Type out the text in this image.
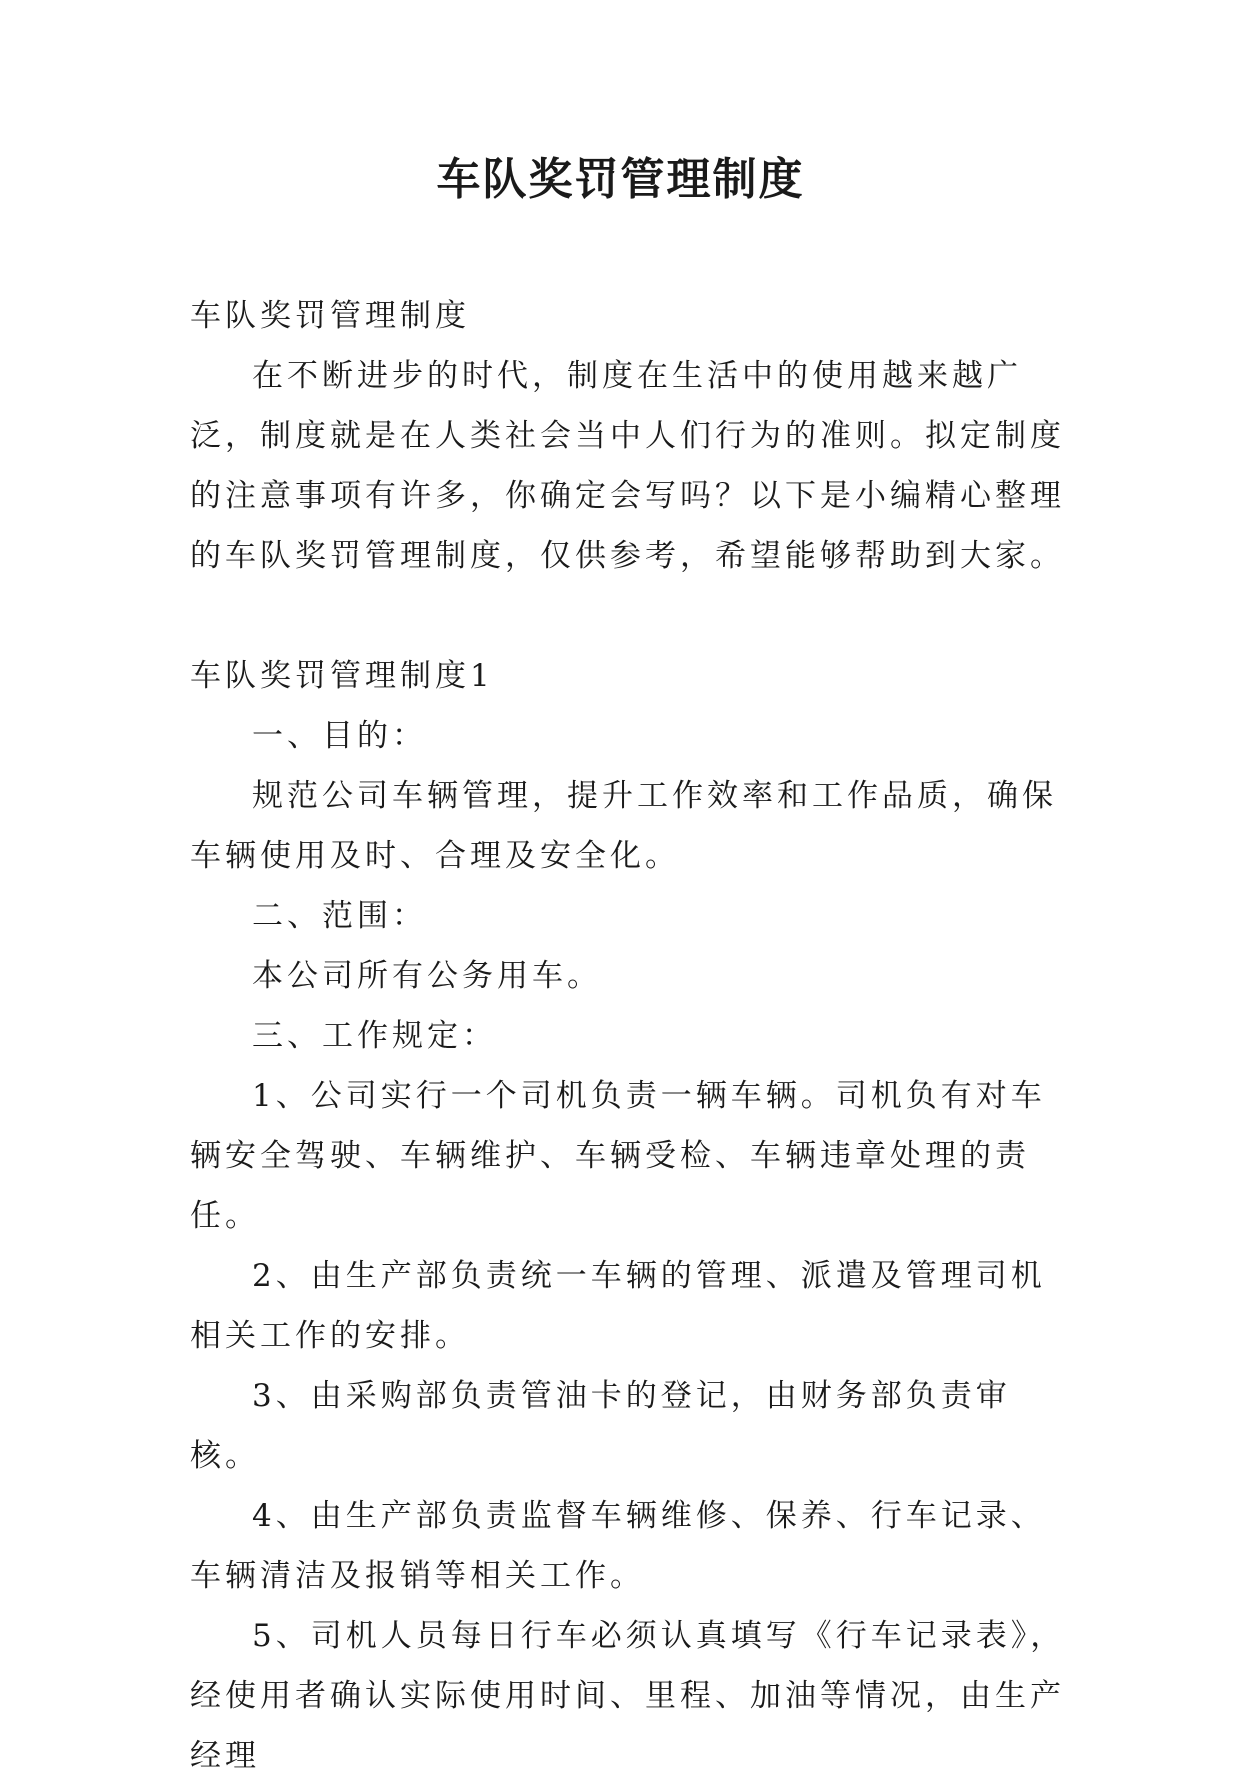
车队奖罚管理制度

车队奖罚管理制度

在不断进步的时代，制度在生活中的使用越来越广泛，制度就是在人类社会当中人们行为的准则。拟定制度的注意事项有许多，你确定会写吗？以下是小编精心整理的车队奖罚管理制度，仅供参考，希望能够帮助到大家。

车队奖罚管理制度1

一、目的：

规范公司车辆管理，提升工作效率和工作品质，确保车辆使用及时、合理及安全化。

二、范围：

本公司所有公务用车。

三、工作规定：

1、公司实行一个司机负责一辆车辆。司机负有对车辆安全驾驶、车辆维护、车辆受检、车辆违章处理的责任。

2、由生产部负责统一车辆的管理、派遣及管理司机相关工作的安排。

3、由采购部负责管油卡的登记，由财务部负责审核。

4、由生产部负责监督车辆维修、保养、行车记录、车辆清洁及报销等相关工作。

5、司机人员每日行车必须认真填写《行车记录表》，经使用者确认实际使用时间、里程、加油等情况，由生产经理
